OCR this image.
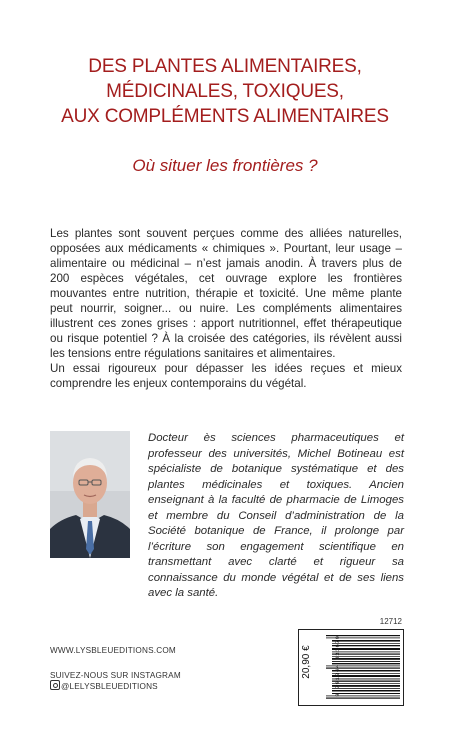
DES PLANTES ALIMENTAIRES,
MÉDICINALES, TOXIQUES,
AUX COMPLÉMENTS ALIMENTAIRES
Où situer les frontières ?

Les plantes sont souvent perçues comme des alliées naturelles, opposées aux médicaments « chimiques ». Pourtant, leur usage – alimentaire ou médicinal – n’est jamais anodin. À travers plus de 200 espèces végétales, cet ouvrage explore les frontières mouvantes entre nutrition, thérapie et toxicité. Une même plante peut nourrir, soigner... ou nuire. Les compléments alimentaires illustrent ces zones grises : apport nutritionnel, effet thérapeutique ou risque potentiel ? À la croisée des catégories, ils révèlent aussi les tensions entre régulations sanitaires et alimentaires.

Un essai rigoureux pour dépasser les idées reçues et mieux comprendre les enjeux contemporains du végétal.

Docteur ès sciences pharmaceutiques et professeur des universités, Michel Botineau est spécialiste de botanique systématique et des plantes médicinales et toxiques. Ancien enseignant à la faculté de pharmacie de Limoges et membre du Conseil d’administration de la Société botanique de France, il prolonge par l’écriture son engagement scientifique en transmettant avec clarté et rigueur sa connaissance du monde végétal et de ses liens avec la santé.
WWW.LYSBLEUEDITIONS.COM
SUIVEZ-NOUS SUR INSTAGRAM
@LELYSBLEUEDITIONS
12712
20,90 €	9 791044 031679
